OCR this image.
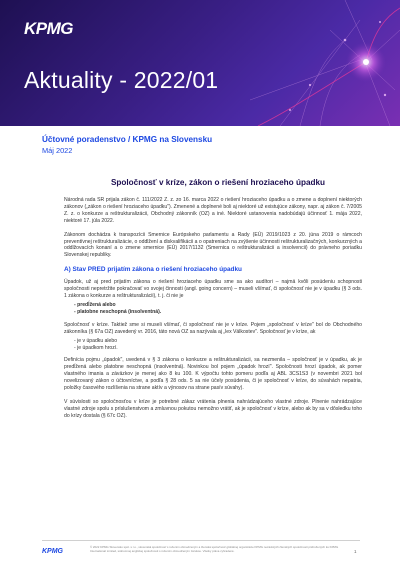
KPMG
Aktuality - 2022/01

Účtovné poradenstvo / KPMG na Slovensku

Máj 2022

Spoločnosť v kríze, zákon o riešení hroziaceho úpadku

Národná rada SR prijala zákon č. 111/2022 Z. z. zo 16. marca 2022 o riešení hroziaceho úpadku a o zmene a doplnení niektorých zákonov („zákon o riešení hroziaceho úpadku"). Zmenené a doplnené boli aj niektoré už existujúce zákony, napr. aj zákon č. 7/2005 Z. z. o konkurze a reštrukturalizácii, Obchodný zákonník (OZ) a iné. Niektoré ustanovenia nadobúdajú účinnosť 1. mája 2022, niektoré 17. júla 2022.

Zákonom dochádza k transpozícii Smernice Európskeho parlamentu a Rady (EÚ) 2019/1023 z 20. júna 2019 o rámcoch preventívnej reštrukturalizácie, o oddlžení a diskvalifikácii a o opatreniach na zvýšenie účinnosti reštrukturalizačných, konkurzných a oddlžovacích konaní a o zmene smernice (EÚ) 2017/1132 (Smernica o reštrukturalizácii a insolvencii) do právneho poriadku Slovenskej republiky.

A) Stav PRED prijatím zákona o riešení hroziaceho úpadku

Úpadok, už aj pred prijatím zákona o riešení hroziaceho úpadku sme sa ako audítori – najmä kvôli posúdeniu schopnosti spoločnosti nepretržite pokračovať vo svojej činnosti (angl. going concern) – museli všímať, či spoločnosť nie je v úpadku (§ 3 ods. 1 zákona o konkurze a reštrukturalizácii), t. j. či nie je

- predĺžená alebo
- platobne neschopná (insolventná).

Spoločnosť v kríze. Taktiež sme si museli všímať, či spoločnosť nie je v kríze. Pojem „spoločnosť v kríze" bol do Obchodného zákonníka (§ 67a OZ) zavedený vr. 2016, táto nová OZ sa nazývala aj „lex Válkostev". Spoločnosť je v kríze, ak

- je v úpadku alebo
- je úpadkom hrozí.

Definícia pojmu „úpadok", uvedená v § 3 zákona o konkurze a reštrukturalizácii, sa nezmenila – spoločnosť je v úpadku, ak je predĺžená alebo platobne neschopná (insolventná). Novinkou bol pojem „úpadok hrozí". Spoločnosti hrozí úpadok, ak pomer vlastného imania a záväzkov je menej ako 8 ku 100. K výpočtu tohto pomeru podľa aj ABL 3CS1S3 (v novembri 2021 bol novelizovaný zákon o účtovníctve, a podľa § 28 ods. 5 sa nie účely posúdenia, či je spoločnosť v kríze, do súvahách nepatria, položky časového rozlíšenia na strane aktív a výnosov na strane pasív súvahy).

V súvislosti so spoločnosťou v kríze je potrebné zákaz vrátenia plnenia nahrádzajúceho vlastné zdroje. Plnenie nahrádzajúce vlastné zdroje spolu s príslušenstvom a zmluvnou pokutou nemožno vrátiť, ak je spoločnosť v kríze, alebo ak by sa v dôsledku toho do krízy dostala (§ 67c OZ).

KPMG
© 2022 KPMG Slovensko spol. s r.o., slovenská spoločnosť s ručením obmedzeným a členská spoločnosť globálnej organizácie KPMG nezávislých členských spoločností pridružených ku KPMG International Limited, súkromnej anglickej spoločnosti s ručením obmedzeným zárukou. Všetky práva vyhradené.	1
